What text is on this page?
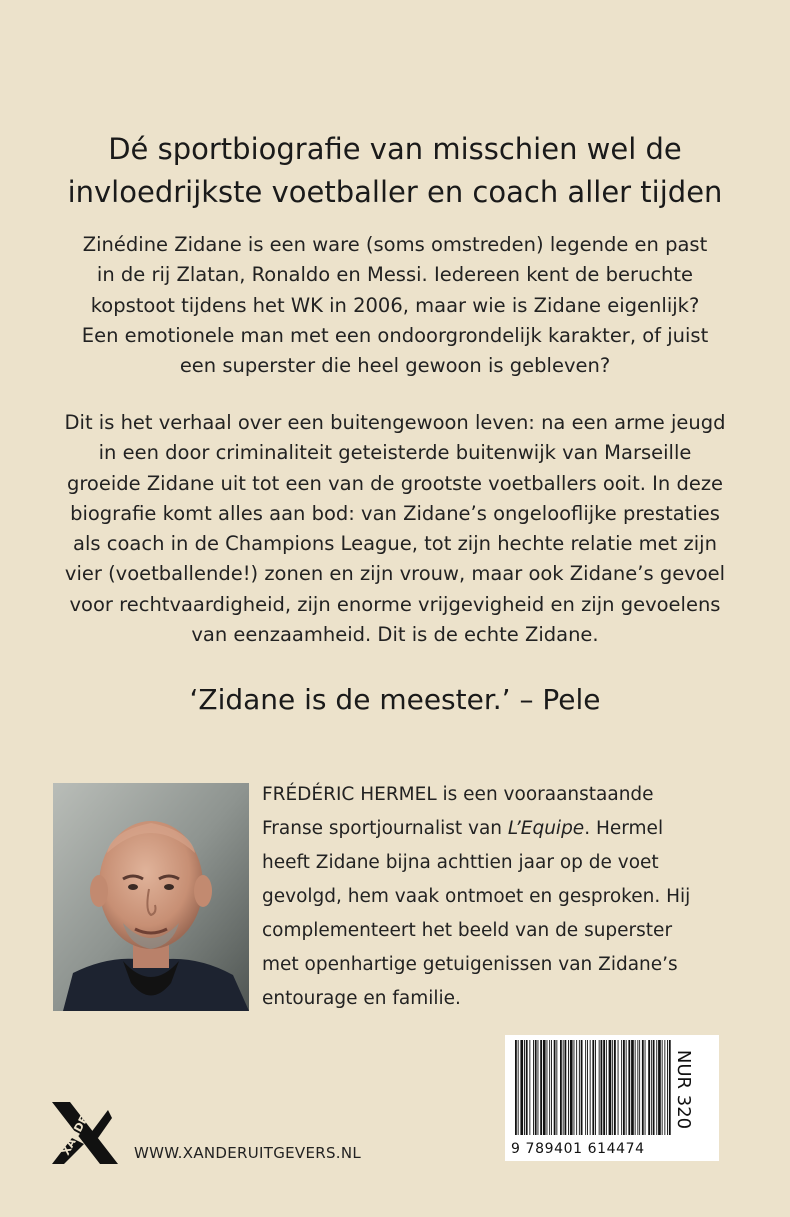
Dé sportbiografie van misschien wel de
invloedrijkste voetballer en coach aller tijden
Zinédine Zidane is een ware (soms omstreden) legende en past
in de rij Zlatan, Ronaldo en Messi. Iedereen kent de beruchte
kopstoot tijdens het WK in 2006, maar wie is Zidane eigenlijk?
Een emotionele man met een ondoorgrondelijk karakter, of juist
een superster die heel gewoon is gebleven?
Dit is het verhaal over een buitengewoon leven: na een arme jeugd
in een door criminaliteit geteisterde buitenwijk van Marseille
groeide Zidane uit tot een van de grootste voetballers ooit. In deze
biografie komt alles aan bod: van Zidane’s ongelooflijke prestaties
als coach in de Champions League, tot zijn hechte relatie met zijn
vier (voetballende!) zonen en zijn vrouw, maar ook Zidane’s gevoel
voor rechtvaardigheid, zijn enorme vrijgevigheid en zijn gevoelens
van eenzaamheid. Dit is de echte Zidane.
‘Zidane is de meester.’ – Pele
FRÉDÉRIC HERMEL is een vooraanstaande
Franse sportjournalist van L’Equipe. Hermel
heeft Zidane bijna achttien jaar op de voet
gevolgd, hem vaak ontmoet en gesproken. Hij
complementeert het beeld van de superster
met openhartige getuigenissen van Zidane’s
entourage en familie.
9 789401 614474
NUR 320
XANDER	WWW.XANDERUITGEVERS.NL
